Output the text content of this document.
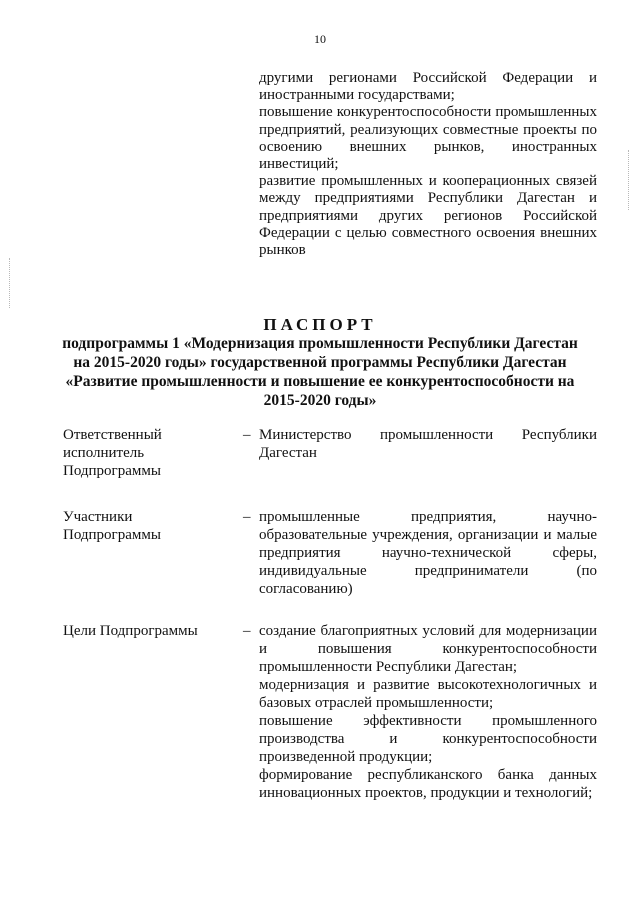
10

другими регионами Российской Федерации и иностранными государствами;

повышение конкурентоспособности промышленных предприятий, реализующих совместные проекты по освоению внешних рынков, иностранных инвестиций;

развитие промышленных и кооперационных связей между предприятиями Республики Дагестан и предприятиями других регионов Российской Федерации с целью совместного освоения внешних рынков

ПАСПОРТ
подпрограммы 1 «Модернизация промышленности Республики Дагестан
на 2015-2020 годы» государственной программы Республики Дагестан
«Развитие промышленности и повышение ее конкурентоспособности на
2015-2020 годы»
Ответственный исполнитель Подпрограммы
– Министерство промышленности Республики Дагестан

Участники Подпрограммы
– промышленные предприятия, научно-образовательные учреждения, организации и малые предприятия научно-технической сферы, индивидуальные предприниматели (по согласованию)

Цели Подпрограммы	– создание благоприятных условий для модернизации и повышения конкурентоспособности промышленности Республики Дагестан;

модернизация и развитие высокотехнологичных и базовых отраслей промышленности;

повышение эффективности промышленного производства и конкурентоспособности произведенной продукции;

формирование республиканского банка данных инновационных проектов, продукции и технологий;
